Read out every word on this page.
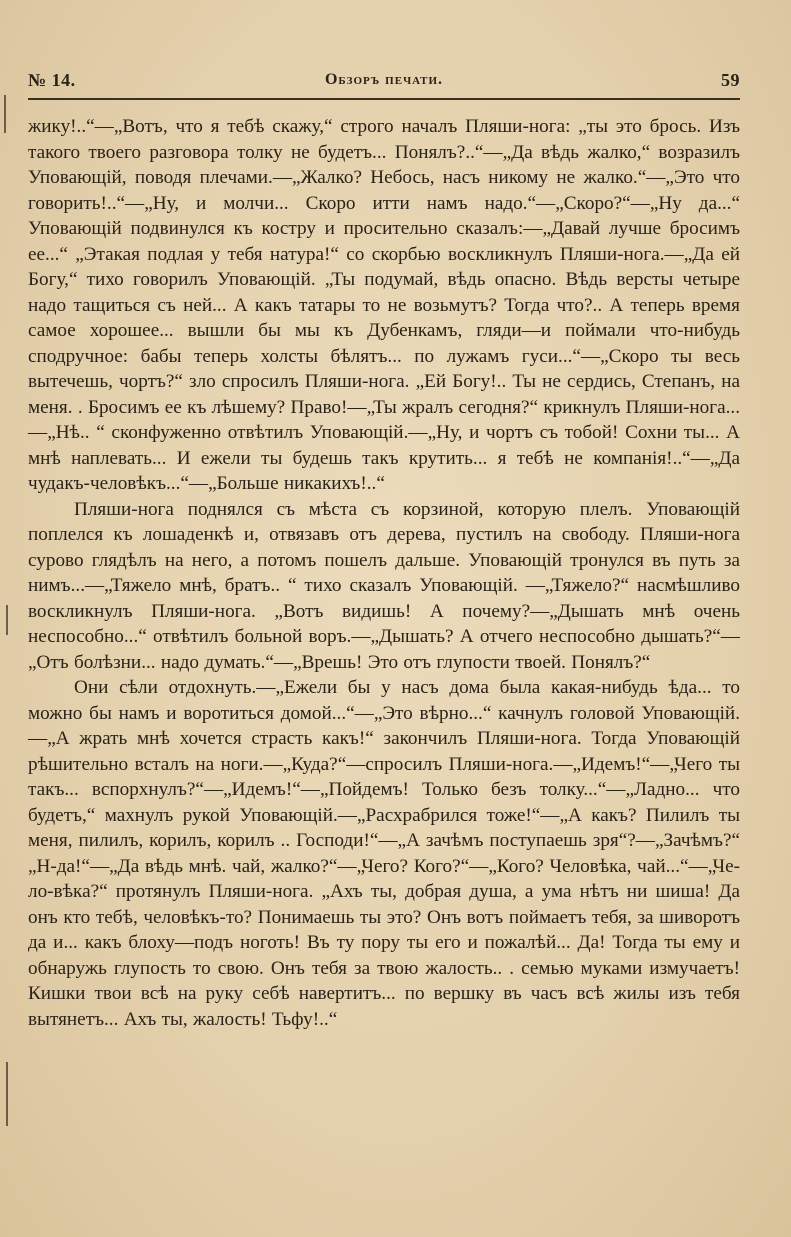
№ 14.	Обзоръ печати.	59

жику!..“—„Вотъ, что я тебѣ скажу,“ строго началъ Пляши-нога: „ты это брось. Изъ такого твоего разговора толку не будетъ... Понялъ?..“—„Да вѣдь жалко,“ возразилъ Уповающій, поводя плечами.—„Жалко? Небось, насъ никому не жалко.“—„Это что говорить!..“—„Ну, и молчи... Скоро итти намъ надо.“—„Скоро?“—„Ну да...“ Уповающій подвинулся къ костру и просительно сказалъ:—„Давай лучше бросимъ ее...“ „Этакая подлая у тебя натура!“ со скорбью воскликнулъ Пляши-нога.—„Да ей Богу,“ тихо говорилъ Уповающій. „Ты подумай, вѣдь опасно. Вѣдь версты четыре надо тащиться съ ней... А какъ татары то не возьмутъ? Тогда что?.. А теперь время самое хорошее... вышли бы мы къ Дубенкамъ, гляди—и поймали что-нибудь сподручное: бабы теперь холсты бѣлятъ... по лужамъ гуси...“—„Скоро ты весь вытечешь, чортъ?“ зло спросилъ Пляши-нога. „Ей Богу!.. Ты не сердись, Степанъ, на меня. . Бросимъ ее къ лѣшему? Право!—„Ты жралъ сегодня?“ крикнулъ Пляши-нога...—„Нѣ.. “ сконфуженно отвѣтилъ Уповающій.—„Ну, и чортъ съ тобой! Сохни ты... А мнѣ наплевать... И ежели ты будешь такъ крутить... я тебѣ не компанія!..“—„Да чудакъ-человѣкъ...“—„Больше никакихъ!..“

Пляши-нога поднялся съ мѣста съ корзиной, которую плелъ. Уповающій поплелся къ лошаденкѣ и, отвязавъ отъ дерева, пустилъ на свободу. Пляши-нога сурово глядѣлъ на него, а потомъ пошелъ дальше. Уповающій тронулся въ путь за нимъ...—„Тяжело мнѣ, братъ.. “ тихо сказалъ Уповающій. —„Тяжело?“ насмѣшливо воскликнулъ Пляши-нога. „Вотъ видишь! А почему?—„Дышать мнѣ очень неспособно...“ отвѣтилъ больной воръ.—„Дышать? А отчего неспособно дышать?“—„Отъ болѣзни... надо думать.“—„Врешь! Это отъ глупости твоей. Понялъ?“

Они сѣли отдохнуть.—„Ежели бы у насъ дома была какая-нибудь ѣда... то можно бы намъ и воротиться домой...“—„Это вѣрно...“ качнулъ головой Уповающій.—„А жрать мнѣ хочется страсть какъ!“ закончилъ Пляши-нога. Тогда Уповающій рѣшительно всталъ на ноги.—„Куда?“—спросилъ Пляши-нога.—„Идемъ!“—„Чего ты такъ... вспорхнулъ?“—„Идемъ!“—„Пойдемъ! Только безъ толку...“—„Ладно... что будетъ,“ махнулъ рукой Уповающій.—„Расхрабрился тоже!“—„А какъ? Пилилъ ты меня, пилилъ, корилъ, корилъ .. Господи!“—„А зачѣмъ поступаешь зря“?—„Зачѣмъ?“ „Н-да!“—„Да вѣдь мнѣ. чай, жалко?“—„Чего? Кого?“—„Кого? Человѣка, чай...“—„Че-ло-вѣка?“ протянулъ Пляши-нога. „Ахъ ты, добрая душа, а ума нѣтъ ни шиша! Да онъ кто тебѣ, человѣкъ-то? Понимаешь ты это? Онъ вотъ поймаетъ тебя, за шиворотъ да и... какъ блоху—подъ ноготь! Въ ту пору ты его и пожалѣй... Да! Тогда ты ему и обнаружь глупость то свою. Онъ тебя за твою жалость.. . семью муками измучаетъ! Кишки твои всѣ на руку себѣ навертитъ... по вершку въ часъ всѣ жилы изъ тебя вытянетъ... Ахъ ты, жалость! Тьфу!..“
